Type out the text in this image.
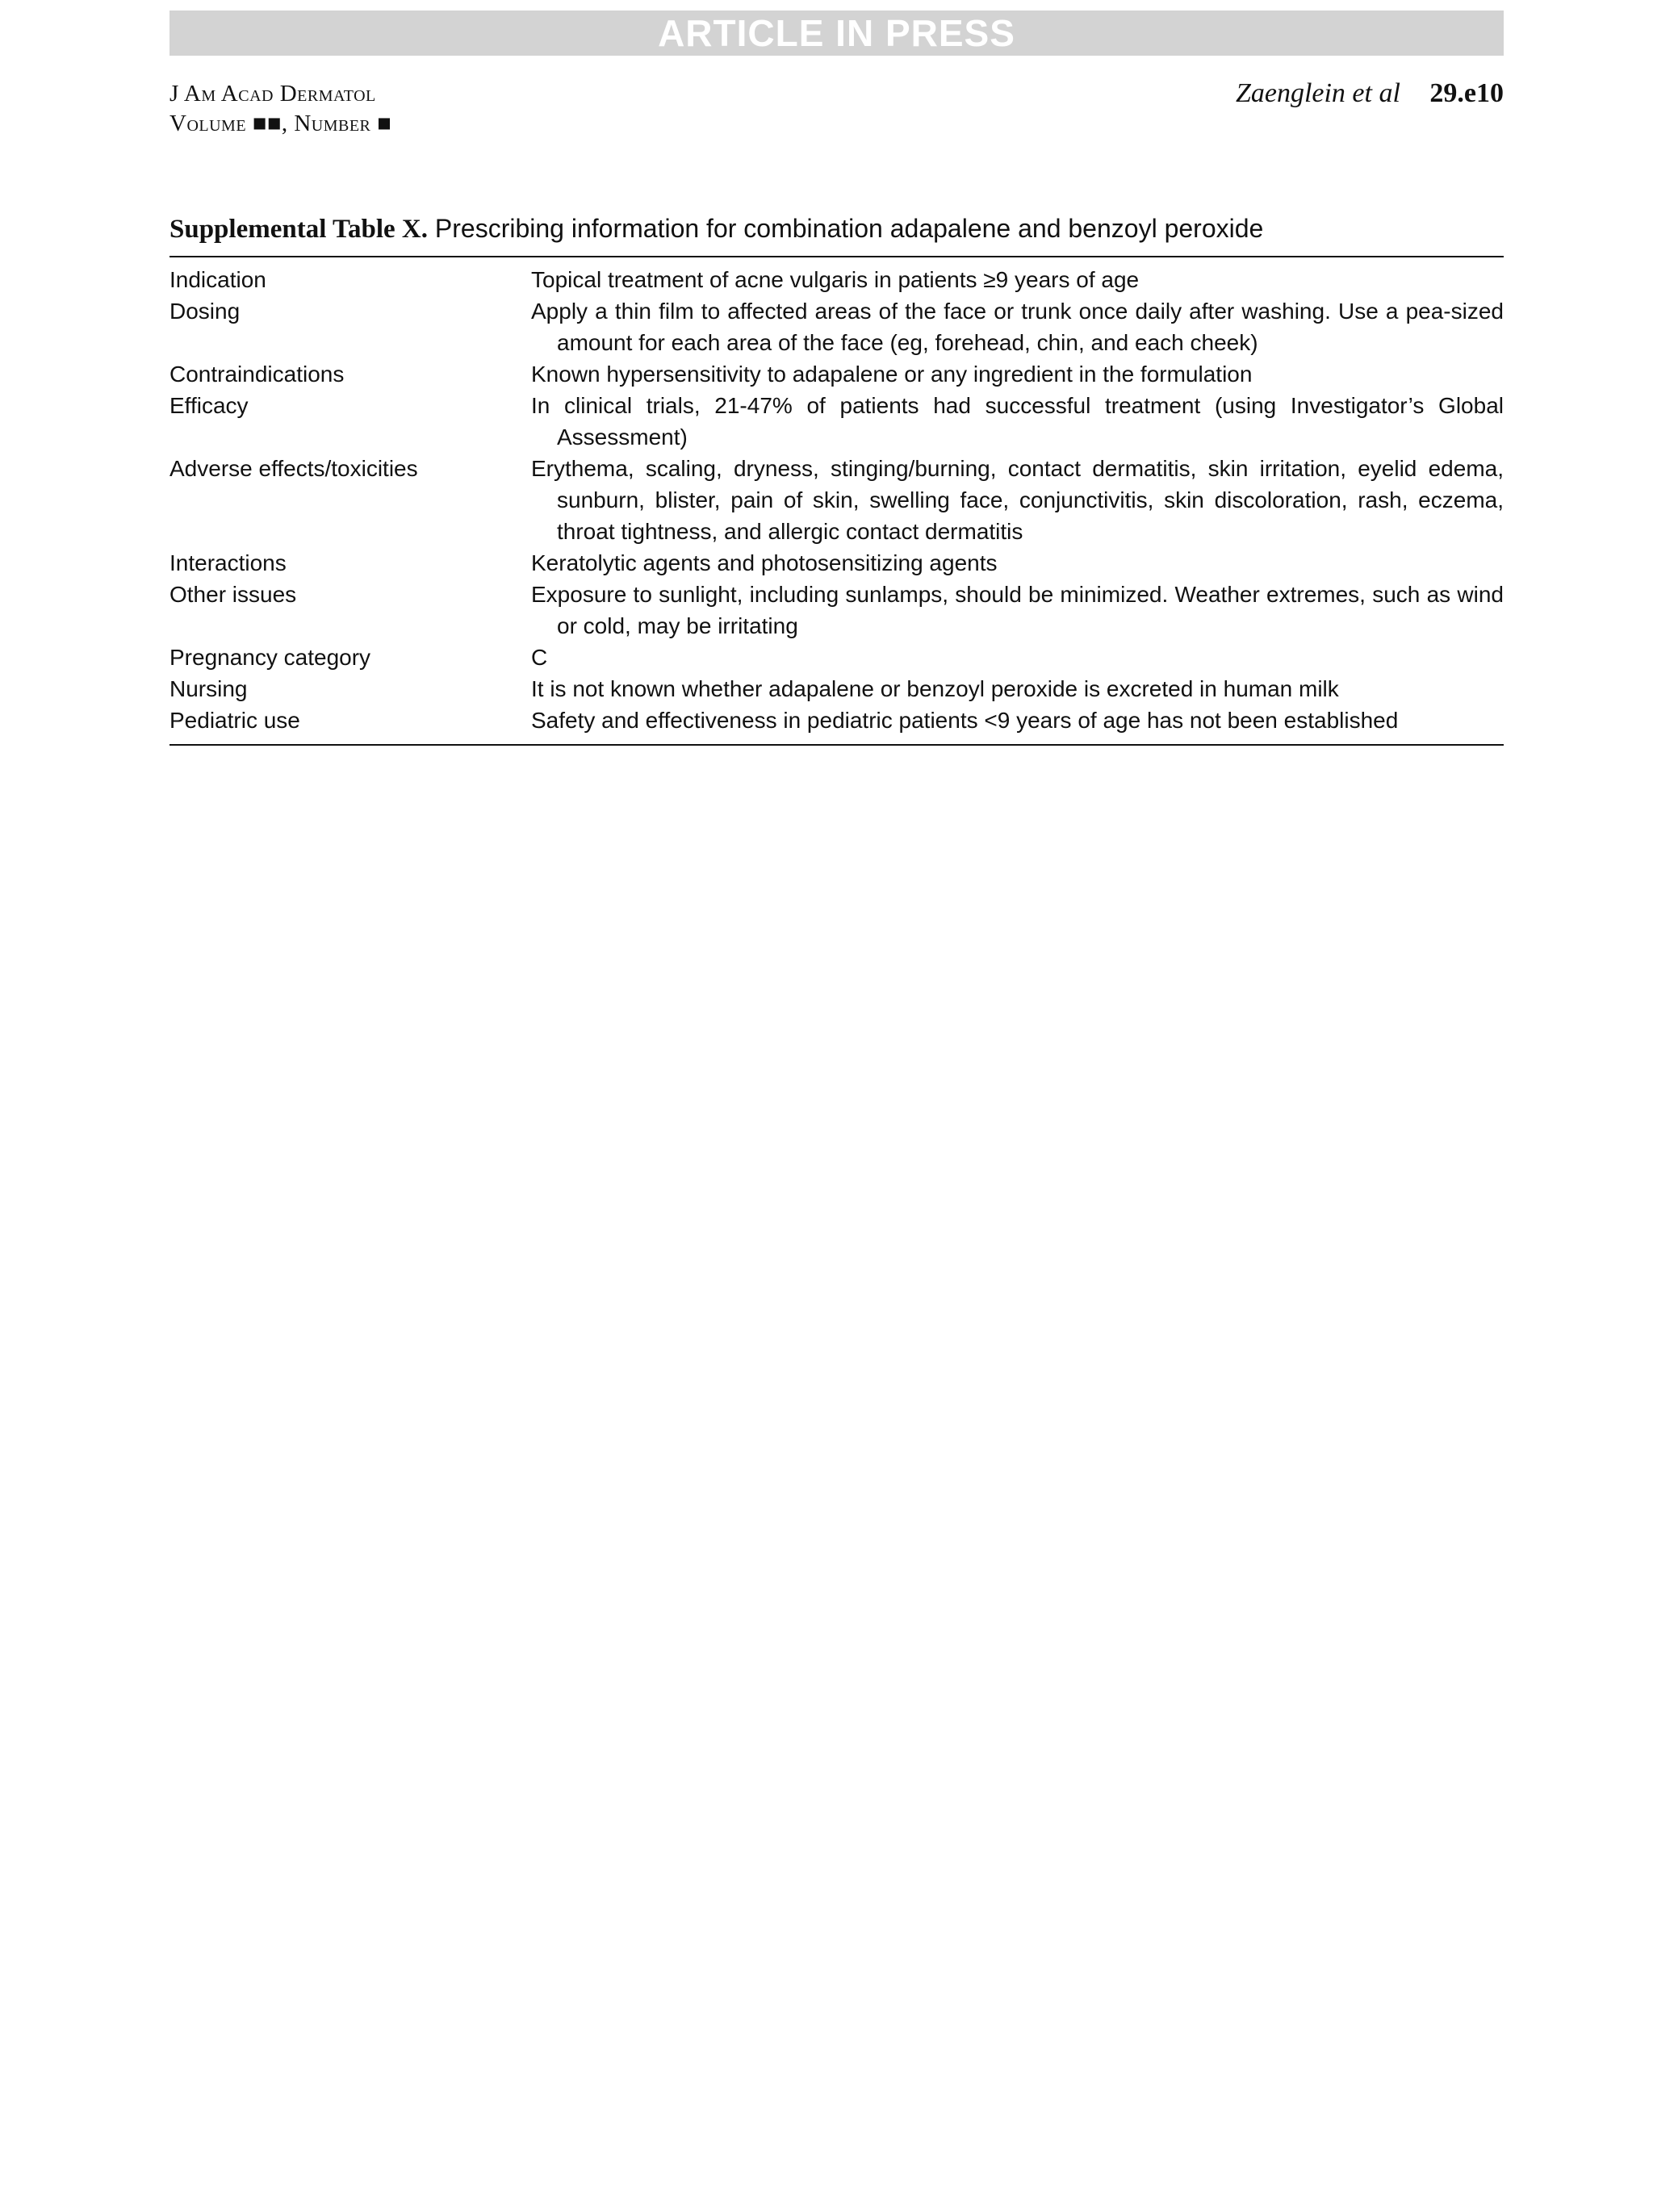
ARTICLE IN PRESS
J Am Acad Dermatol
Volume ■■, Number ■
Zaenglein et al 29.e10
Supplemental Table X. Prescribing information for combination adapalene and benzoyl peroxide
Indication	Topical treatment of acne vulgaris in patients ≥9 years of age
Dosing	Apply a thin film to affected areas of the face or trunk once daily after washing. Use a pea-sized amount for each area of the face (eg, forehead, chin, and each cheek)
Contraindications	Known hypersensitivity to adapalene or any ingredient in the formulation
Efficacy	In clinical trials, 21-47% of patients had successful treatment (using Investigator’s Global Assessment)
Adverse effects/toxicities	Erythema, scaling, dryness, stinging/burning, contact dermatitis, skin irritation, eyelid edema, sunburn, blister, pain of skin, swelling face, conjunctivitis, skin discoloration, rash, eczema, throat tightness, and allergic contact dermatitis
Interactions	Keratolytic agents and photosensitizing agents
Other issues	Exposure to sunlight, including sunlamps, should be minimized. Weather extremes, such as wind or cold, may be irritating
Pregnancy category	C
Nursing	It is not known whether adapalene or benzoyl peroxide is excreted in human milk
Pediatric use	Safety and effectiveness in pediatric patients <9 years of age has not been established
